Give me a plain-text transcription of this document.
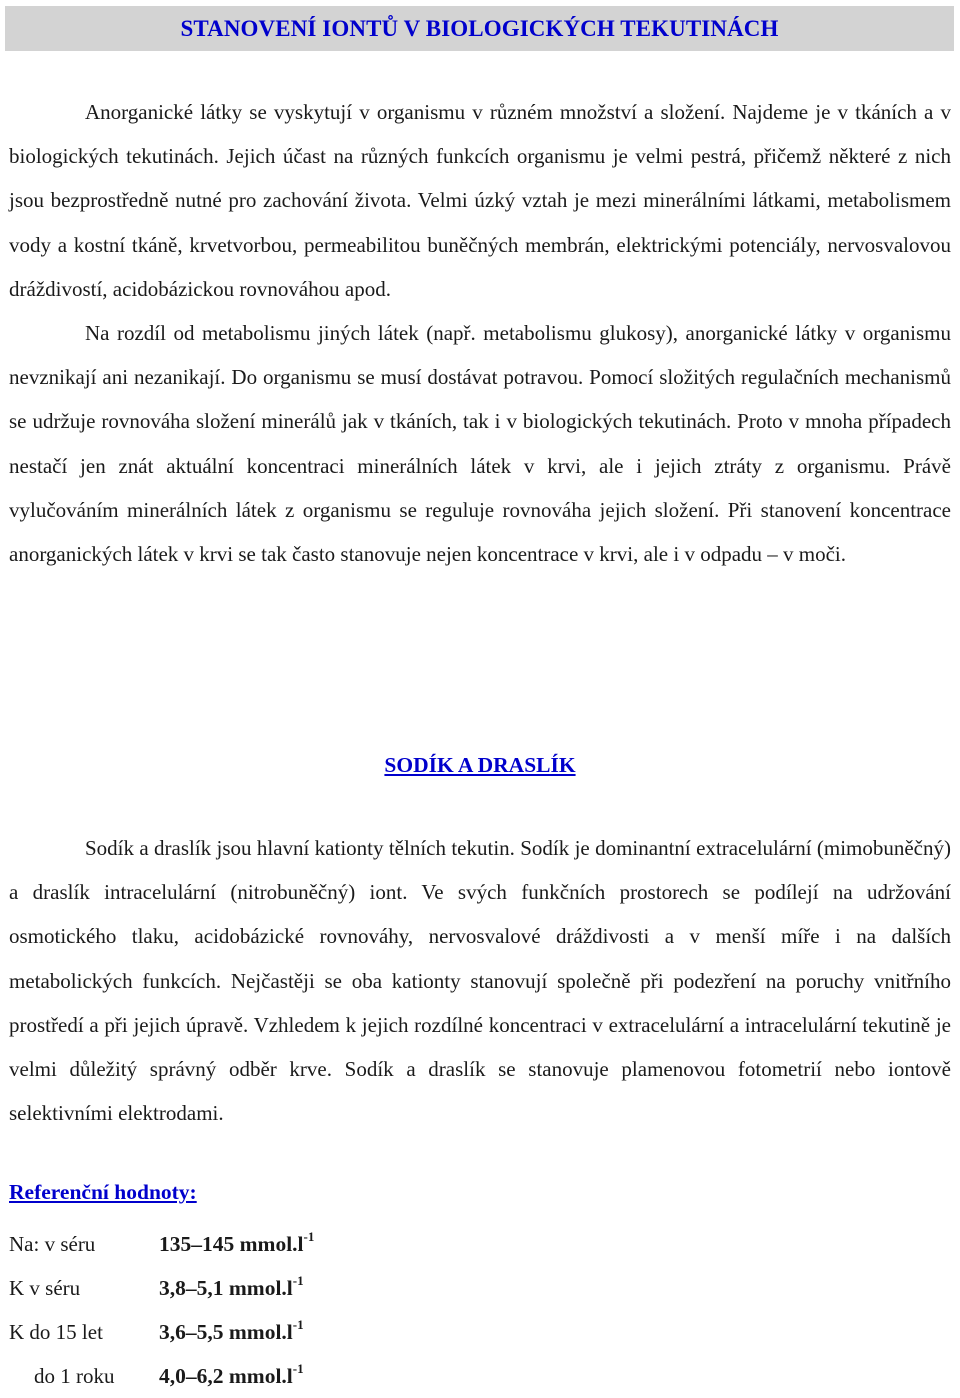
STANOVENÍ IONTŮ V BIOLOGICKÝCH TEKUTINÁCH

Anorganické látky se vyskytují v organismu v různém množství a složení. Najdeme je v tkáních a v biologických tekutinách. Jejich účast na různých funkcích organismu je velmi pestrá, přičemž některé z nich jsou bezprostředně nutné pro zachování života. Velmi úzký vztah je mezi minerálními látkami, metabolismem vody a kostní tkáně, krvetvorbou, permeabilitou buněčných membrán, elektrickými potenciály, nervosvalovou dráždivostí, acidobázickou rovnováhou apod.

Na rozdíl od metabolismu jiných látek (např. metabolismu glukosy), anorganické látky v organismu nevznikají ani nezanikají. Do organismu se musí dostávat potravou. Pomocí složitých regulačních mechanismů se udržuje rovnováha složení minerálů jak v tkáních, tak i v biologických tekutinách. Proto v mnoha případech nestačí jen znát aktuální koncentraci minerálních látek v krvi, ale i jejich ztráty z organismu. Právě vylučováním minerálních látek z organismu se reguluje rovnováha jejich složení. Při stanovení koncentrace anorganických látek v krvi se tak často stanovuje nejen koncentrace v krvi, ale i v odpadu – v moči.

SODÍK A DRASLÍK

Sodík a draslík jsou hlavní kationty tělních tekutin. Sodík je dominantní extracelulární (mimobuněčný) a draslík intracelulární (nitrobuněčný) iont. Ve svých funkčních prostorech se podílejí na udržování osmotického tlaku, acidobázické rovnováhy, nervosvalové dráždivosti a v menší míře i na dalších metabolických funkcích. Nejčastěji se oba kationty stanovují společně při podezření na poruchy vnitřního prostředí a při jejich úpravě. Vzhledem k jejich rozdílné koncentraci v extracelulární a intracelulární tekutině je velmi důležitý správný odběr krve. Sodík a draslík se stanovuje plamenovou fotometrií nebo iontově selektivními elektrodami.

Referenční hodnoty:
Na: v séru	135–145 $mmol.l^{-1}$
K v séru	3,8–5,1 $mmol.l^{-1}$
K do 15 let	3,6–5,5 $mmol.l^{-1}$
do 1 roku	4,0–6,2 $mmol.l^{-1}$
